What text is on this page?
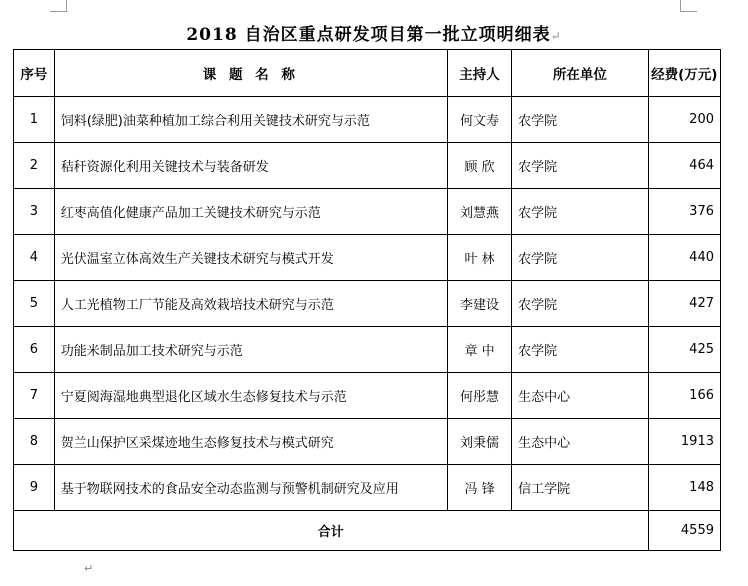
2018 自治区重点研发项目第一批立项明细表↵
序号	课 题 名 称	主持人	所在单位	经费(万元)
1	饲料(绿肥)油菜种植加工综合利用关键技术研究与示范	何文寿	农学院	200
2	秸秆资源化利用关键技术与装备研发	顾 欣	农学院	464
3	红枣高值化健康产品加工关键技术研究与示范	刘慧燕	农学院	376
4	光伏温室立体高效生产关键技术研究与模式开发	叶 林	农学院	440
5	人工光植物工厂节能及高效栽培技术研究与示范	李建设	农学院	427
6	功能米制品加工技术研究与示范	章 中	农学院	425
7	宁夏阅海湿地典型退化区域水生态修复技术与示范	何彤慧	生态中心	166
8	贺兰山保护区采煤迹地生态修复技术与模式研究	刘秉儒	生态中心	1913
9	基于物联网技术的食品安全动态监测与预警机制研究及应用	冯 锋	信工学院	148
合计				4559
↵
